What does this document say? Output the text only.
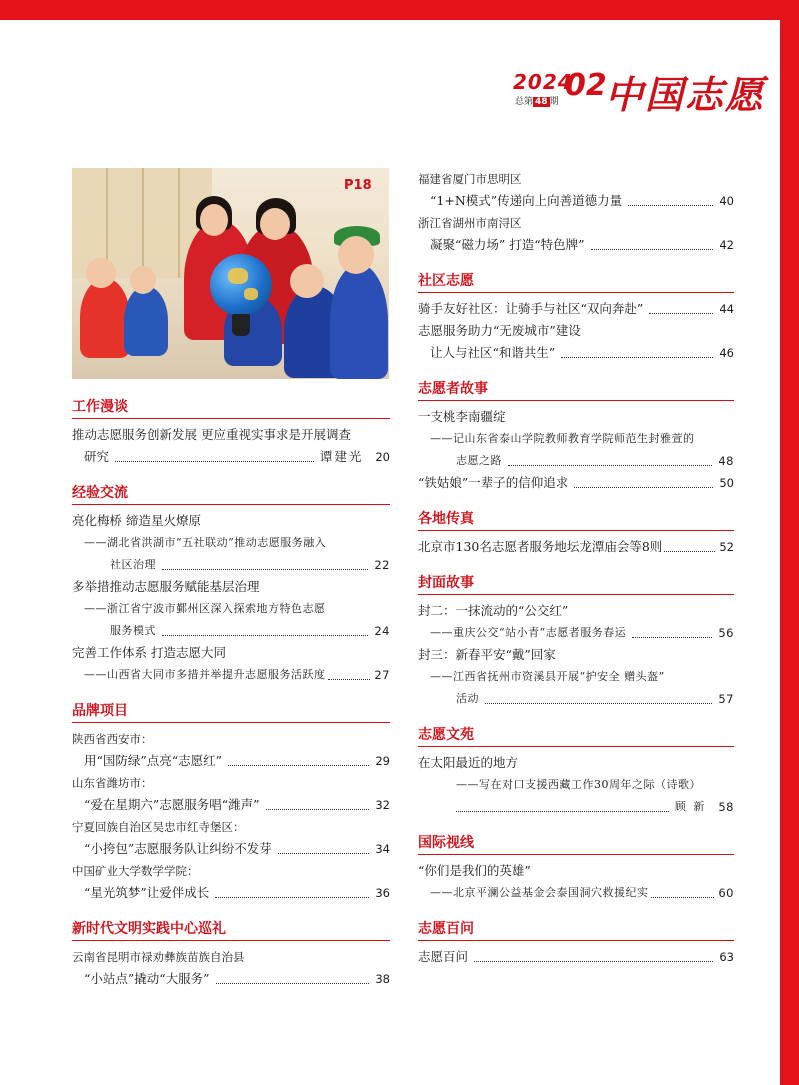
2024
总第 48 期 02
中国志愿
P18
工作漫谈
推动志愿服务创新发展 更应重视实事求是开展调查
研究	谭建光 20
经验交流
亮化梅桥 缔造星火燎原
——湖北省洪湖市“五社联动”推动志愿服务融入
社区治理	22
多举措推动志愿服务赋能基层治理
——浙江省宁波市鄞州区深入探索地方特色志愿
服务模式	24
完善工作体系 打造志愿大同
——山西省大同市多措并举提升志愿服务活跃度	27
品牌项目
陕西省西安市：
用“国防绿”点亮“志愿红”	29
山东省潍坊市：
“爱在星期六”志愿服务唱“潍声”	32
宁夏回族自治区吴忠市红寺堡区：
“小挎包”志愿服务队让纠纷不发芽	34
中国矿业大学数学学院：
“星光筑梦”让爱伴成长	36
新时代文明实践中心巡礼
云南省昆明市禄劝彝族苗族自治县
“小站点”撬动“大服务”	38
福建省厦门市思明区
“1+N模式”传递向上向善道德力量	40
浙江省湖州市南浔区
凝聚“磁力场” 打造“特色牌”	42
社区志愿
骑手友好社区：让骑手与社区“双向奔赴”	44
志愿服务助力“无废城市”建设
让人与社区“和谐共生”	46
志愿者故事
一支桃李南疆绽
——记山东省泰山学院教师教育学院师范生封雅萱的
志愿之路	48
“铁姑娘”一辈子的信仰追求	50
各地传真
北京市130名志愿者服务地坛龙潭庙会等8则	52
封面故事
封二：一抹流动的“公交红”
——重庆公交“站小青”志愿者服务春运	56
封三：新春平安“戴”回家
——江西省抚州市资溪县开展“护安全 赠头盔”
活动	57
志愿文苑
在太阳最近的地方
——写在对口支援西藏工作30周年之际（诗歌）
顾 新 58
国际视线
“你们是我们的英雄”
——北京平澜公益基金会泰国洞穴救援纪实	60
志愿百问
志愿百问	63
